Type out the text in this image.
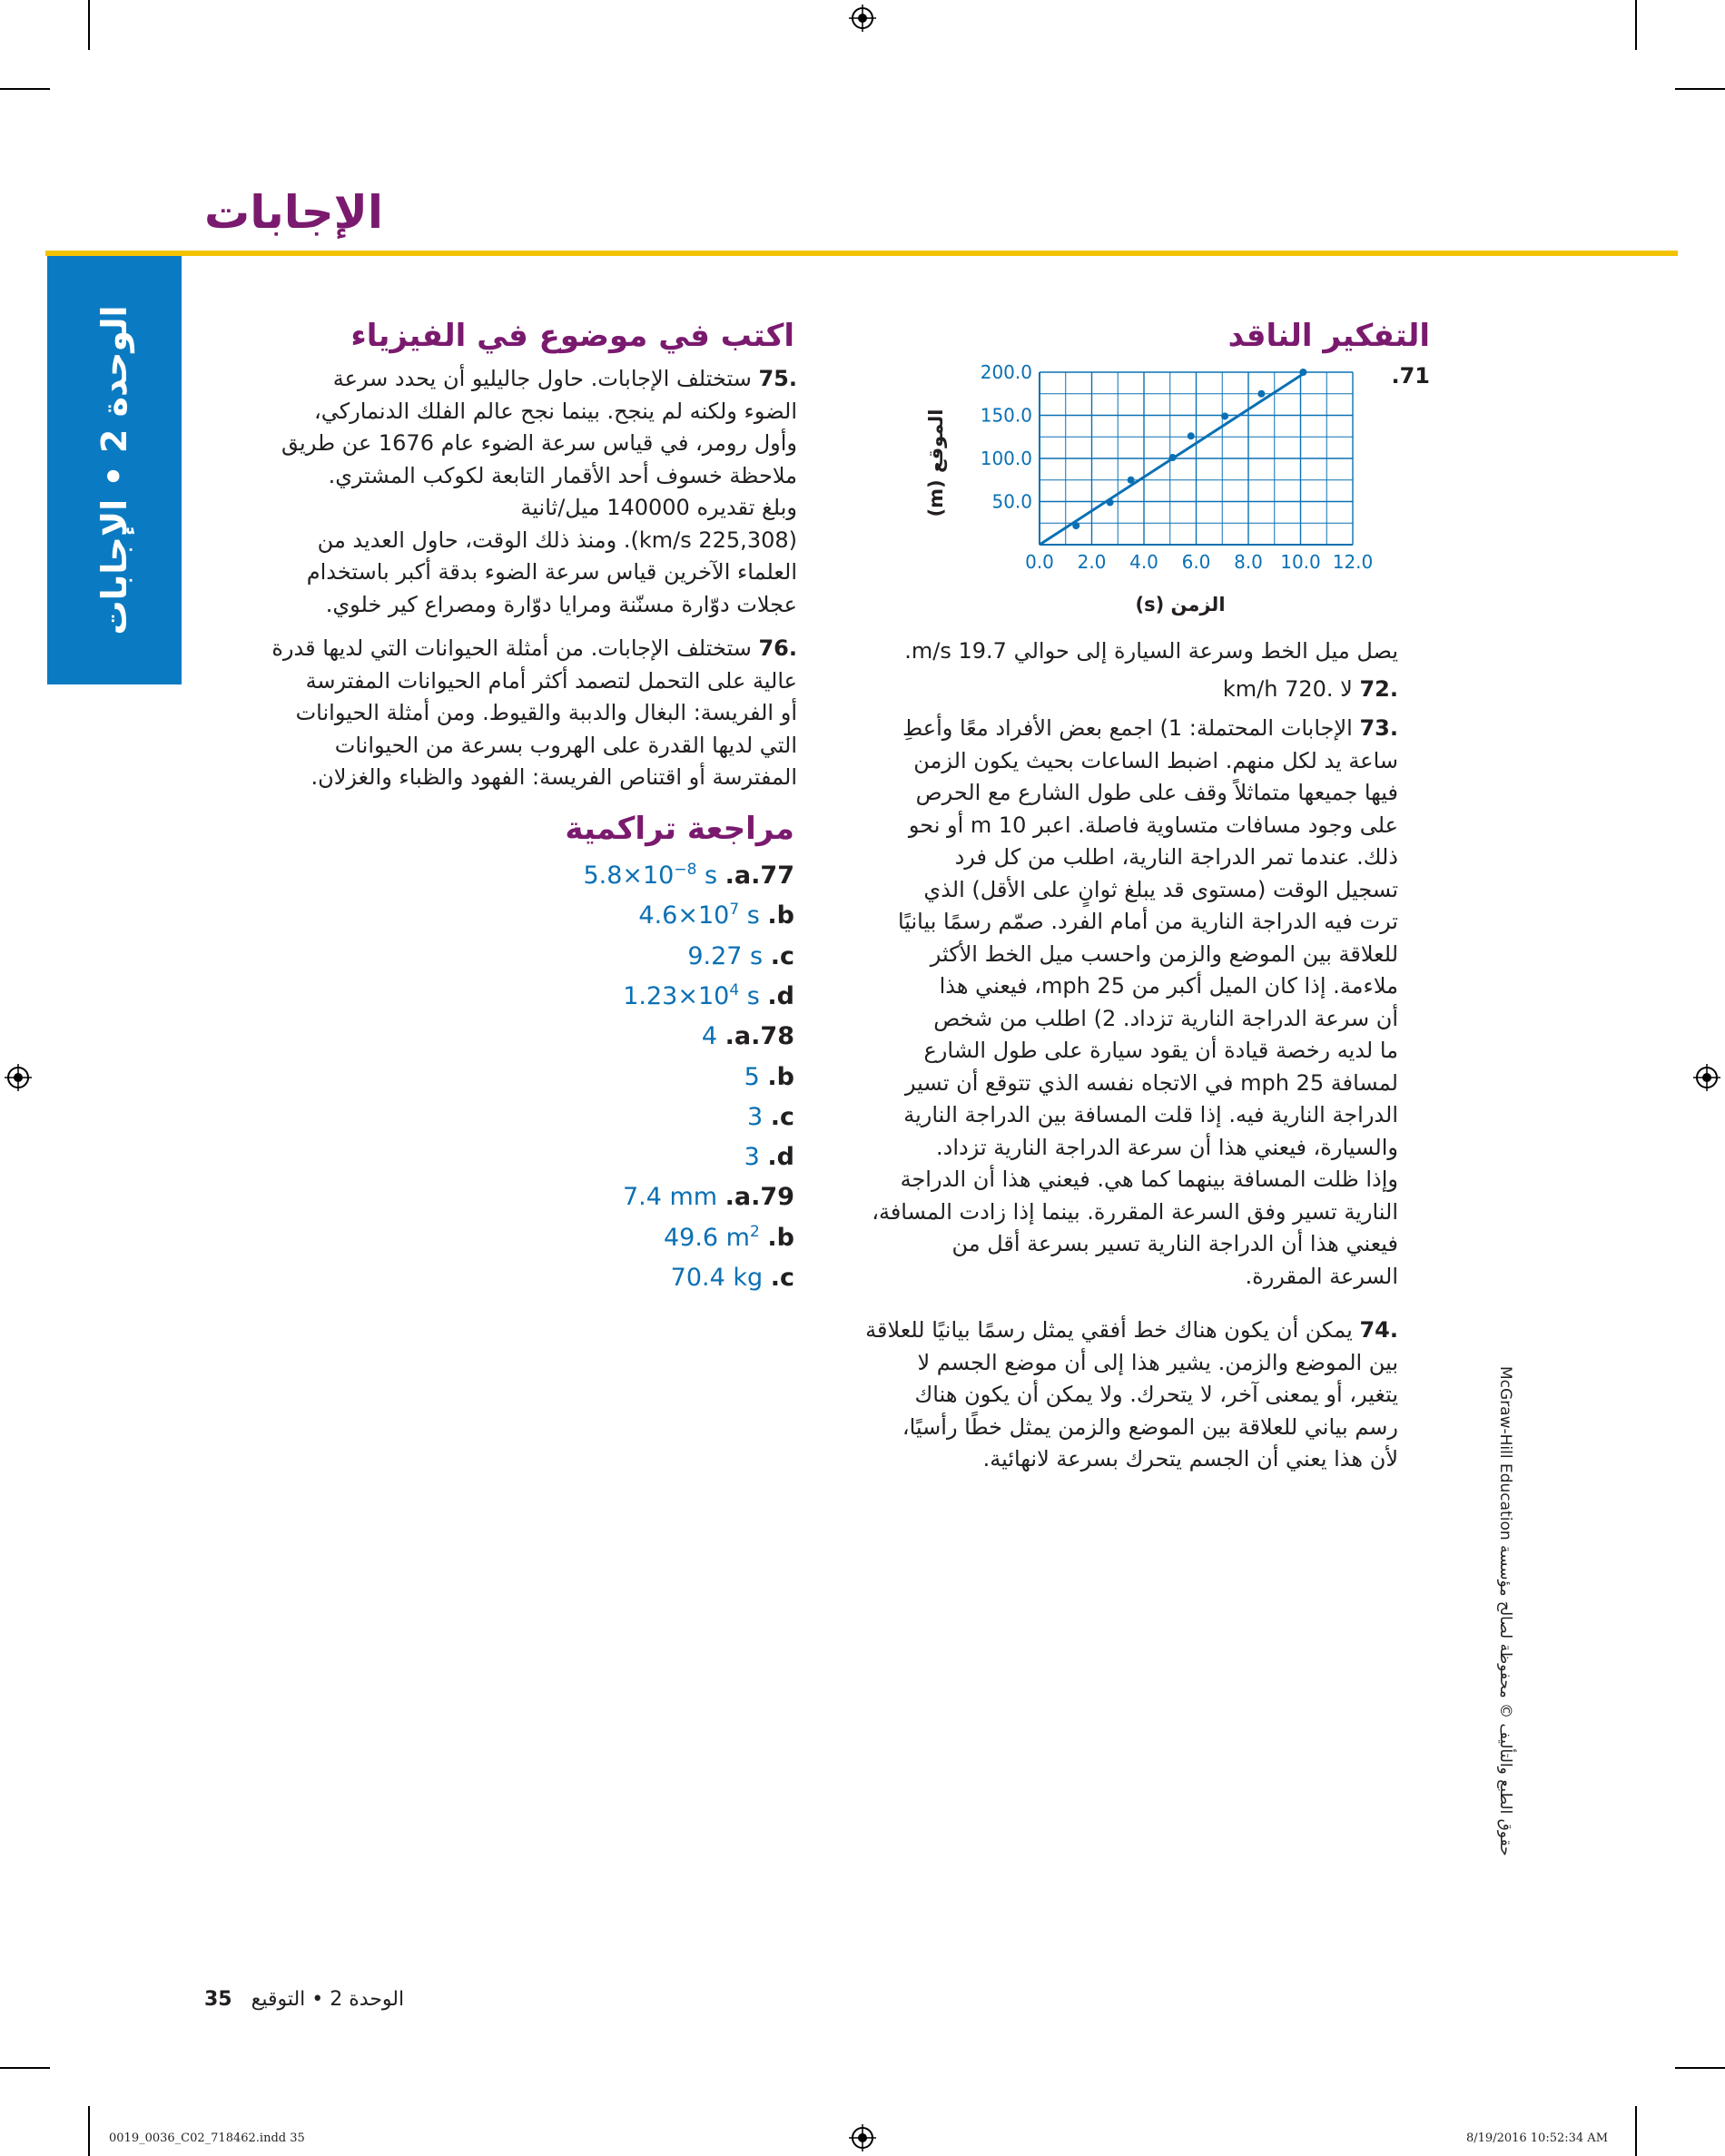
الإجابات
الوحدة 2 • الإجابات	اكتب في موضوع في الفيزياء
.75 ستختلف الإجابات. حاول جاليليو أن يحدد سرعة
الضوء ولكنه لم ينجح. بينما نجح عالم الفلك الدنماركي،
وأول رومر، في قياس سرعة الضوء عام 1676 عن طريق
ملاحظة خسوف أحد الأقمار التابعة لكوكب المشتري.
وبلغ تقديره 140000 ميل/ثانية
(225,308 km/s). ومنذ ذلك الوقت، حاول العديد من
العلماء الآخرين قياس سرعة الضوء بدقة أكبر باستخدام
عجلات دوّارة مسنّنة ومرايا دوّارة ومصراع كير خلوي.
.76 ستختلف الإجابات. من أمثلة الحيوانات التي لديها قدرة
عالية على التحمل لتصمد أكثر أمام الحيوانات المفترسة
أو الفريسة: البغال والدببة والقيوط. ومن أمثلة الحيوانات
التي لديها القدرة على الهروب بسرعة من الحيوانات
المفترسة أو اقتناص الفريسة: الفهود والظباء والغزلان.
مراجعة تراكمية
$5.8\times 10^{-8}$ s .a.77
$4.6\times 10^7$ s .b
9.27 s .c
$1.23\times 10^4$ s .d
4 .a.78
5 .b
3 .c
3 .d
7.4 mm .a.79
49.6 $m^2$ .b
70.4 kg .c
التفكير الناقد
.71
0.0 2.0 4.0 6.0 8.0 10.0 12.0
50.0
100.0
150.0
200.0
الموقع (m)
الزمن (s)
يصل ميل الخط وسرعة السيارة إلى حوالي 19.7 m/s.
.72 لا .720 km/h
.73 الإجابات المحتملة: 1) اجمع بعض الأفراد معًا وأعطِ
ساعة يد لكل منهم. اضبط الساعات بحيث يكون الزمن
فيها جميعها متماثلاً وقف على طول الشارع مع الحرص
على وجود مسافات متساوية فاصلة. اعبر m 10 أو نحو
ذلك. عندما تمر الدراجة النارية، اطلب من كل فرد
تسجيل الوقت (مستوى قد يبلغ ثوانٍ على الأقل) الذي
ترت فيه الدراجة النارية من أمام الفرد. صمّم رسمًا بيانيًا
للعلاقة بين الموضع والزمن واحسب ميل الخط الأكثر
ملاءمة. إذا كان الميل أكبر من mph 25، فيعني هذا
أن سرعة الدراجة النارية تزداد. 2) اطلب من شخص
ما لديه رخصة قيادة أن يقود سيارة على طول الشارع
لمسافة mph 25 في الاتجاه نفسه الذي تتوقع أن تسير
الدراجة النارية فيه. إذا قلت المسافة بين الدراجة النارية
والسيارة، فيعني هذا أن سرعة الدراجة النارية تزداد.
وإذا ظلت المسافة بينهما كما هي. فيعني هذا أن الدراجة
النارية تسير وفق السرعة المقررة. بينما إذا زادت المسافة،
فيعني هذا أن الدراجة النارية تسير بسرعة أقل من
السرعة المقررة.
.74 يمكن أن يكون هناك خط أفقي يمثل رسمًا بيانيًا للعلاقة
بين الموضع والزمن. يشير هذا إلى أن موضع الجسم لا
يتغير، أو يمعنى آخر، لا يتحرك. ولا يمكن أن يكون هناك
رسم بياني للعلاقة بين الموضع والزمن يمثل خطًا رأسيًا،
لأن هذا يعني أن الجسم يتحرك بسرعة لانهائية.	حقوق الطبع والتأليف © محفوظة لصالح مؤسسة McGraw-Hill Education
الوحدة 2 • التوقيع   35
0019_0036_C02_718462.indd 35	8/19/2016 10:52:34 AM
